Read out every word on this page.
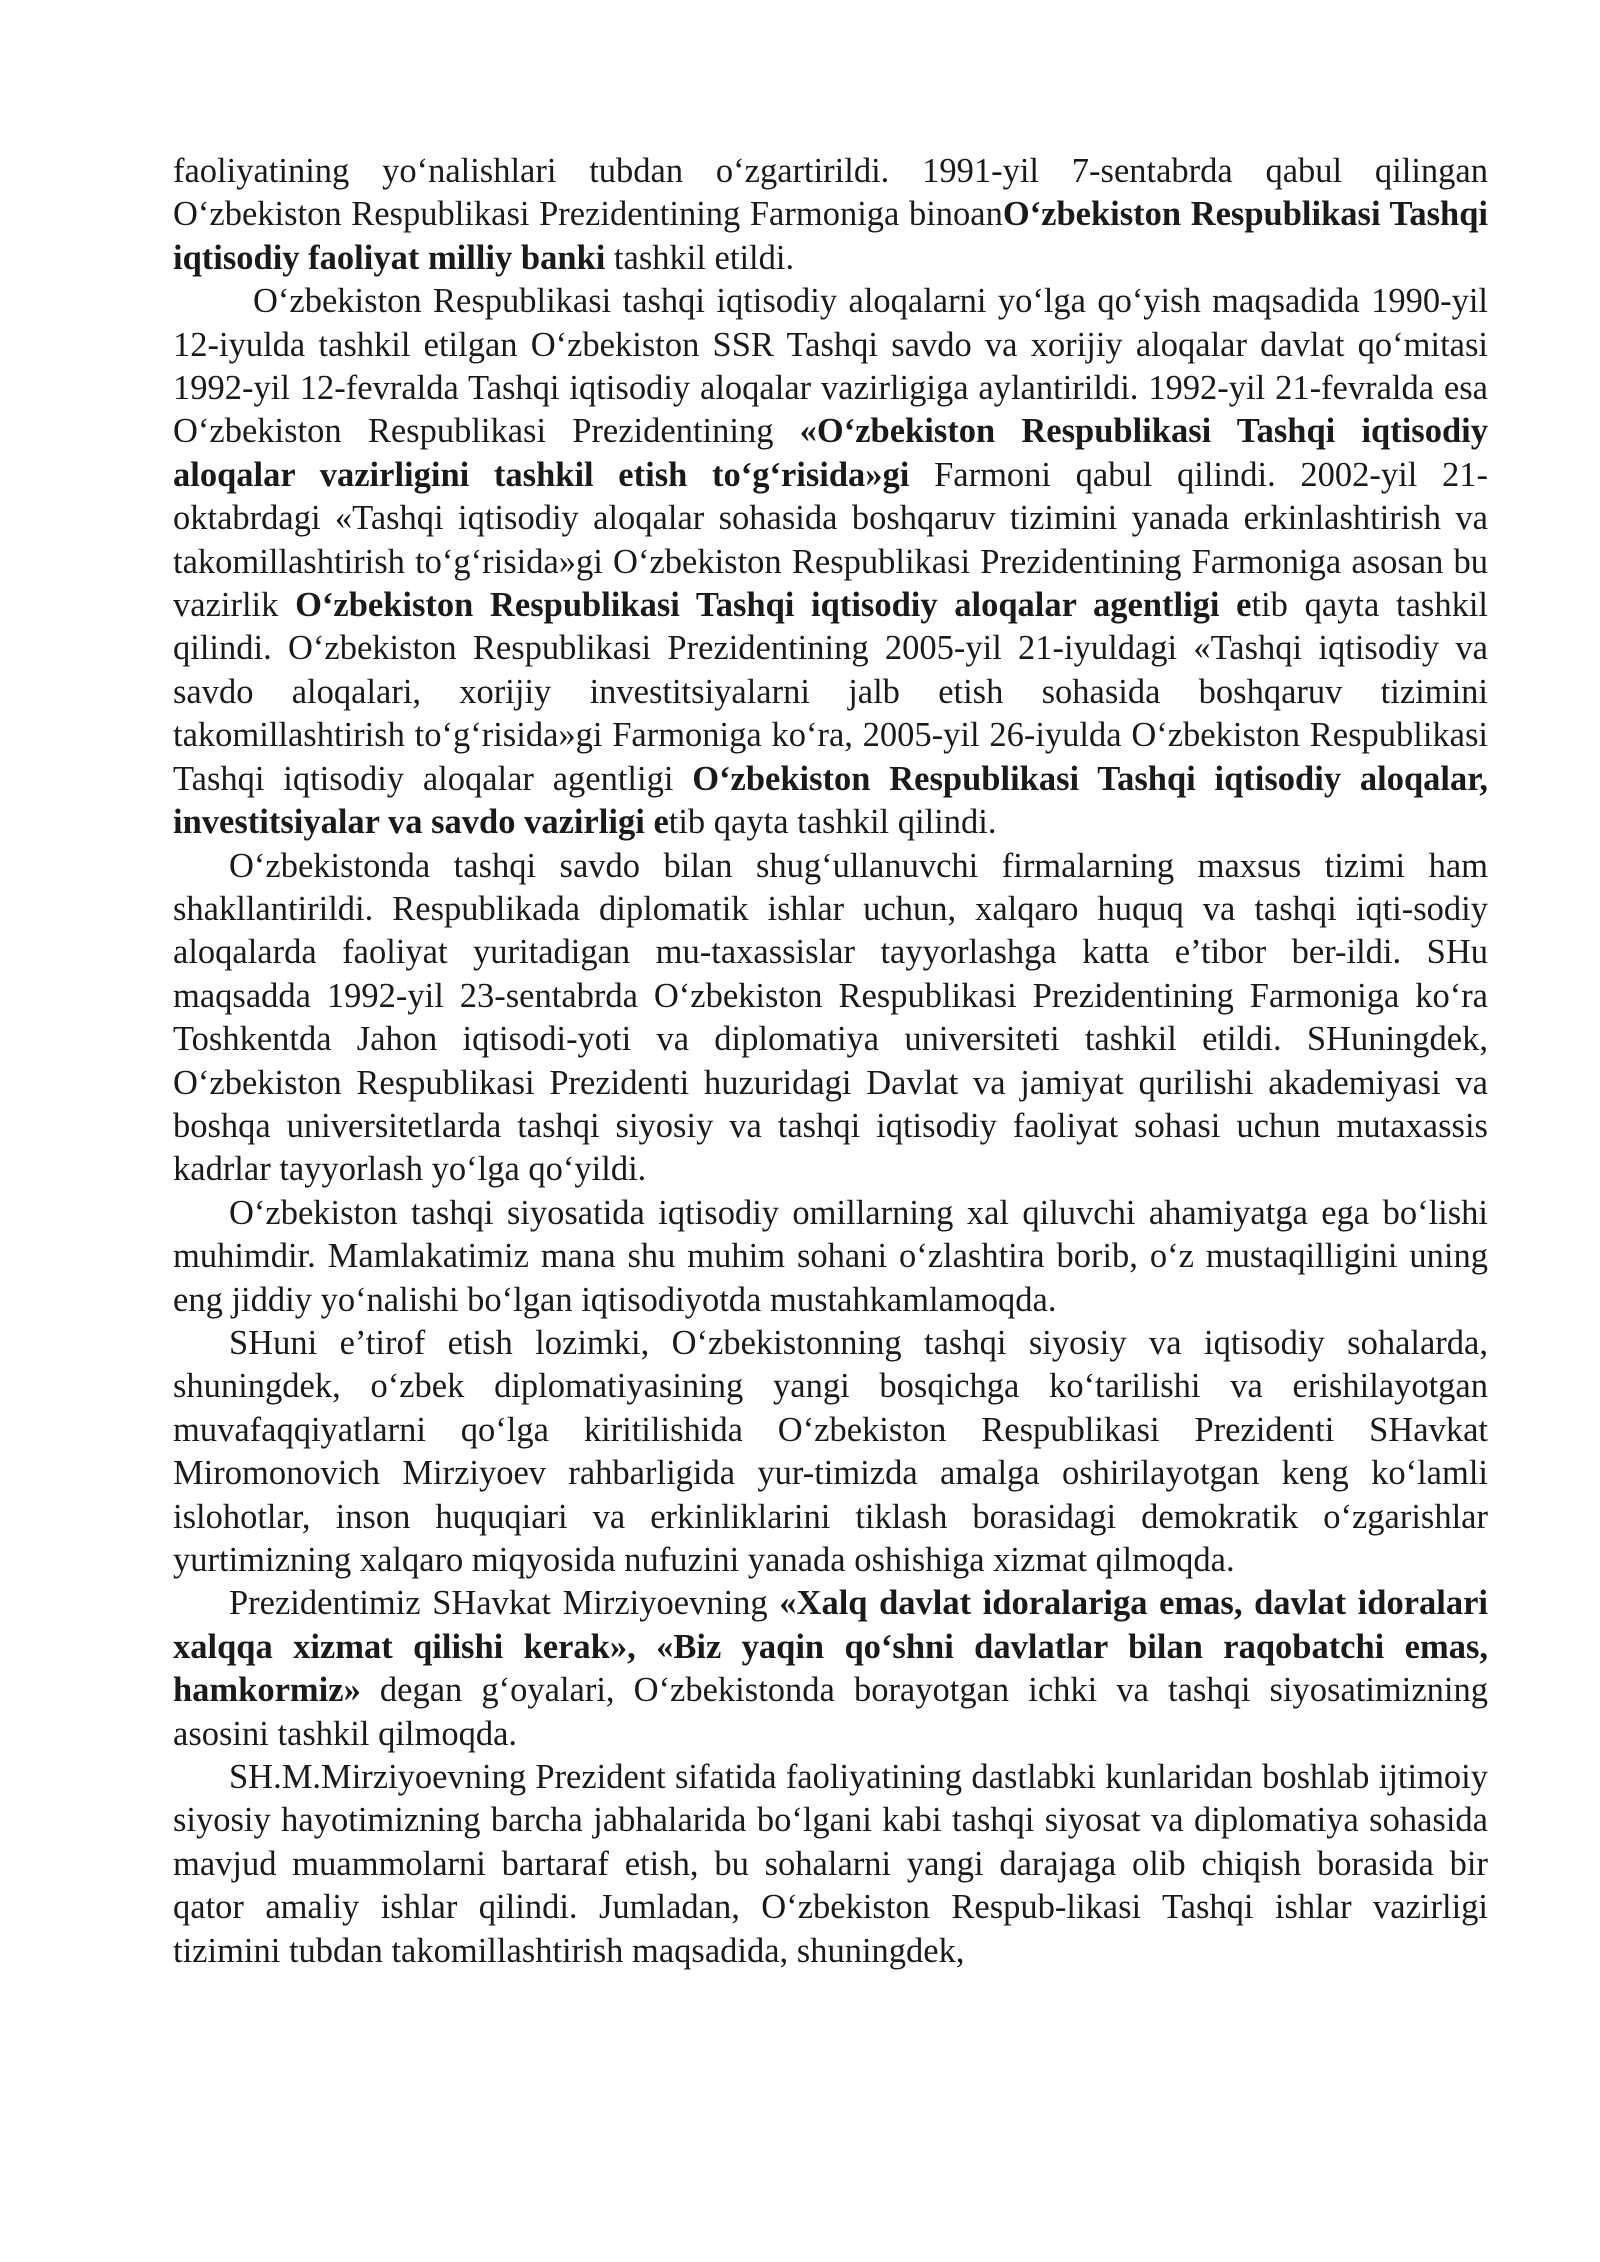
faoliyatining yo‘nalishlari tubdan o‘zgartirildi. 1991-yil 7-sentabrda qabul qilingan O‘zbekiston Respublikasi Prezidentining Farmoniga binoanO‘zbekiston Respublikasi Tashqi iqtisodiy faoliyat milliy banki tashkil etildi.

O‘zbekiston Respublikasi tashqi iqtisodiy aloqalarni yo‘lga qo‘yish maqsadida 1990-yil 12-iyulda tashkil etilgan O‘zbekiston SSR Tashqi savdo va xorijiy aloqalar davlat qo‘mitasi 1992-yil 12-fevralda Tashqi iqtisodiy aloqalar vazirligiga aylantirildi. 1992-yil 21-fevralda esa O‘zbekiston Respublikasi Prezidentining «O‘zbekiston Respublikasi Tashqi iqtisodiy aloqalar vazirligini tashkil etish to‘g‘risida»gi Farmoni qabul qilindi. 2002-yil 21-oktabrdagi «Tashqi iqtisodiy aloqalar sohasida boshqaruv tizimini yanada erkinlashtirish va takomillashtirish to‘g‘risida»gi O‘zbekiston Respublikasi Prezidentining Farmoniga asosan bu vazirlik O‘zbekiston Respublikasi Tashqi iqtisodiy aloqalar agentligi etib qayta tashkil qilindi. O‘zbekiston Respublikasi Prezidentining 2005-yil 21-iyuldagi «Tashqi iqtisodiy va savdo aloqalari, xorijiy investitsiyalarni jalb etish sohasida boshqaruv tizimini takomillashtirish to‘g‘risida»gi Farmoniga ko‘ra, 2005-yil 26-iyulda O‘zbekiston Respublikasi Tashqi iqtisodiy aloqalar agentligi O‘zbekiston Respublikasi Tashqi iqtisodiy aloqalar, investitsiyalar va savdo vazirligi etib qayta tashkil qilindi.

O‘zbekistonda tashqi savdo bilan shug‘ullanuvchi firmalarning maxsus tizimi ham shakllantirildi. Respublikada diplomatik ishlar uchun, xalqaro huquq va tashqi iqti-sodiy aloqalarda faoliyat yuritadigan mu-taxassislar tayyorlashga katta e’tibor ber-ildi. SHu maqsadda 1992-yil 23-sentabrda O‘zbekiston Respublikasi Prezidentining Farmoniga ko‘ra Toshkentda Jahon iqtisodi-yoti va diplomatiya universiteti tashkil etildi. SHuningdek, O‘zbekiston Respublikasi Prezidenti huzuridagi Davlat va jamiyat qurilishi akademiyasi va boshqa universitetlarda tashqi siyosiy va tashqi iqtisodiy faoliyat sohasi uchun mutaxassis kadrlar tayyorlash yo‘lga qo‘yildi.

O‘zbekiston tashqi siyosatida iqtisodiy omillarning xal qiluvchi ahamiyatga ega bo‘lishi muhimdir. Mamlakatimiz mana shu muhim sohani o‘zlashtira borib, o‘z mustaqilligini uning eng jiddiy yo‘nalishi bo‘lgan iqtisodiyotda mustahkamlamoqda.

SHuni e’tirof etish lozimki, O‘zbekistonning tashqi siyosiy va iqtisodiy sohalarda, shuningdek, o‘zbek diplomatiyasining yangi bosqichga ko‘tarilishi va erishilayotgan muvafaqqiyatlarni qo‘lga kiritilishida O‘zbekiston Respublikasi Prezidenti SHavkat Miromonovich Mirziyoev rahbarligida yur-timizda amalga oshirilayotgan keng ko‘lamli islohotlar, inson huquqiari va erkinliklarini tiklash borasidagi demokratik o‘zgarishlar yurtimizning xalqaro miqyosida nufuzini yanada oshishiga xizmat qilmoqda.

Prezidentimiz SHavkat Mirziyoevning «Xalq davlat idoralariga emas, davlat idoralari xalqqa xizmat qilishi kerak», «Biz yaqin qo‘shni davlatlar bilan raqobatchi emas, hamkormiz» degan g‘oyalari, O‘zbekistonda borayotgan ichki va tashqi siyosatimizning asosini tashkil qilmoqda.

SH.M.Mirziyoevning Prezident sifatida faoliyatining dastlabki kunlaridan boshlab ijtimoiy siyosiy hayotimizning barcha jabhalarida bo‘lgani kabi tashqi siyosat va diplomatiya sohasida mavjud muammolarni bartaraf etish, bu sohalarni yangi darajaga olib chiqish borasida bir qator amaliy ishlar qilindi. Jumladan, O‘zbekiston Respub-likasi Tashqi ishlar vazirligi tizimini tubdan takomillashtirish maqsadida, shuningdek,
